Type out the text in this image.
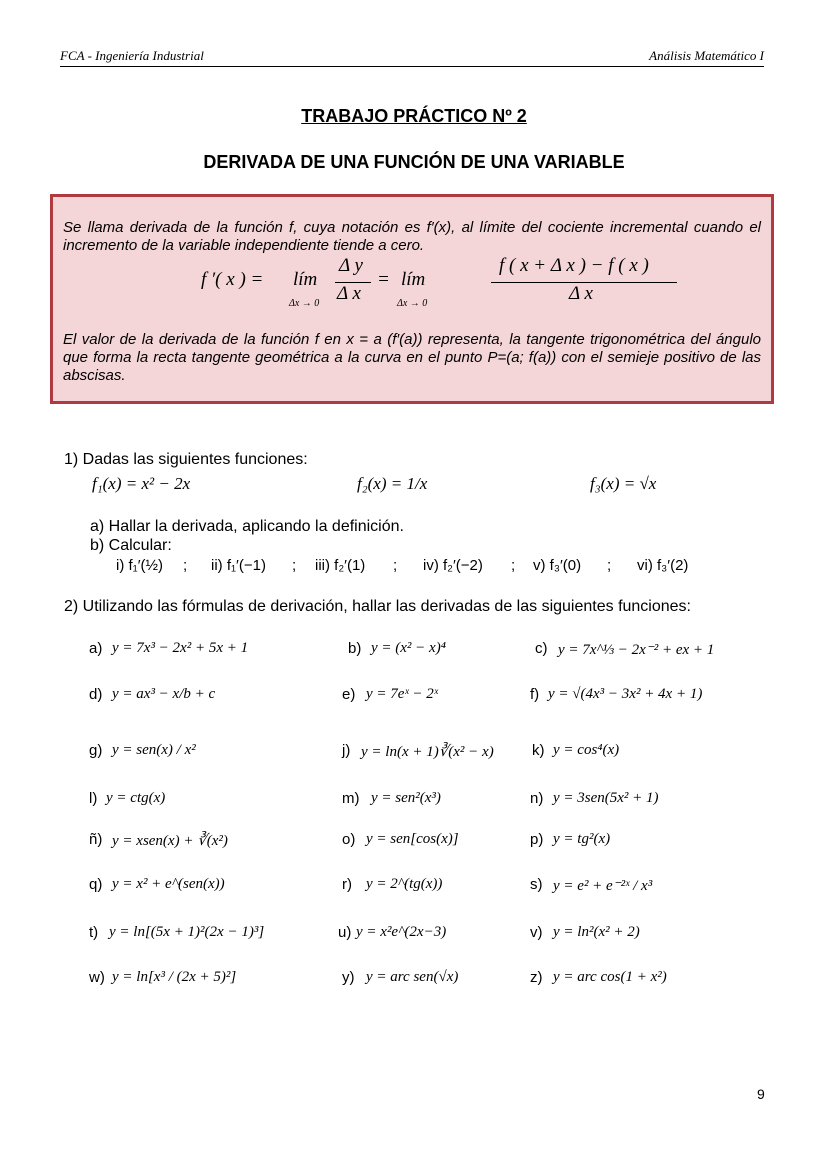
FCA - Ingeniería Industrial	Análisis Matemático I
TRABAJO PRÁCTICO Nº 2
DERIVADA DE UNA FUNCIÓN DE UNA VARIABLE
Se llama derivada de la función f, cuya notación es f′(x), al límite del cociente incremental cuando el incremento de la variable independiente tiende a cero.
f ′( x ) = lím
Δx → 0
Δ y
Δ x
= lím
Δx → 0
f ( x + Δ x ) − f ( x )
Δ x
El valor de la derivada de la función f en x = a (f′(a)) representa, la tangente trigonométrica del ángulo que forma la recta tangente geométrica a la curva en el punto P=(a; f(a)) con el semieje positivo de las abscisas.
1) Dadas las siguientes funciones:
f₁(x) = x² − 2x	f₂(x) = 1/x	f₃(x) = √x
a) Hallar la derivada, aplicando la definición.
b) Calcular:
i) f₁′(½) ; ii) f₁′(−1) ; iii) f₂′(1) ; iv) f₂′(−2) ; v) f₃′(0) ; vi) f₃′(2)
2) Utilizando las fórmulas de derivación, hallar las derivadas de las siguientes funciones:
a) y = 7x³ − 2x² + 5x + 1	b) y = (x² − x)⁴	c) y = 7x^⅓ − 2x⁻² + ex + 1
d) y = ax³ − x/b + c	e) y = 7eˣ − 2ˣ	f) y = √(4x³ − 3x² + 4x + 1)
g) y = sen(x) / x²	j) y = ln(x + 1)∛(x² − x)	k) y = cos⁴(x)
l) y = ctg(x)	m) y = sen²(x³)	n) y = 3sen(5x² + 1)
ñ) y = xsen(x) + ∛(x²)	o) y = sen[cos(x)]	p) y = tg²(x)
q) y = x² + e^(sen(x))	r) y = 2^(tg(x))	s) y = e² + e⁻²ˣ / x³
t) y = ln[(5x + 1)²(2x − 1)³]	u) y = x²e^(2x−3)	v) y = ln²(x² + 2)
w) y = ln[x³ / (2x + 5)²]	y) y = arc sen(√x)	z) y = arc cos(1 + x²)
9
